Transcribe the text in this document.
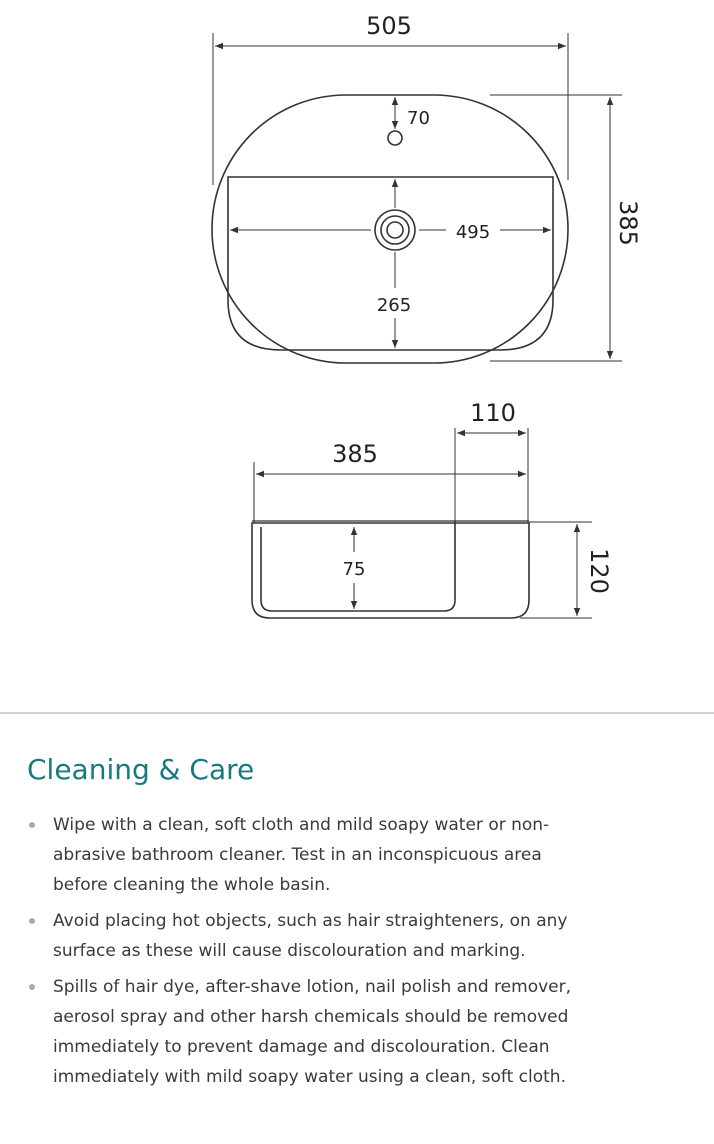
505
70
495
265
385
385
110
75	120
Cleaning & Care
Wipe with a clean, soft cloth and mild soapy water or non-
abrasive bathroom cleaner. Test in an inconspicuous area
before cleaning the whole basin.
Avoid placing hot objects, such as hair straighteners, on any
surface as these will cause discolouration and marking.
Spills of hair dye, after-shave lotion, nail polish and remover,
aerosol spray and other harsh chemicals should be removed
immediately to prevent damage and discolouration. Clean
immediately with mild soapy water using a clean, soft cloth.
